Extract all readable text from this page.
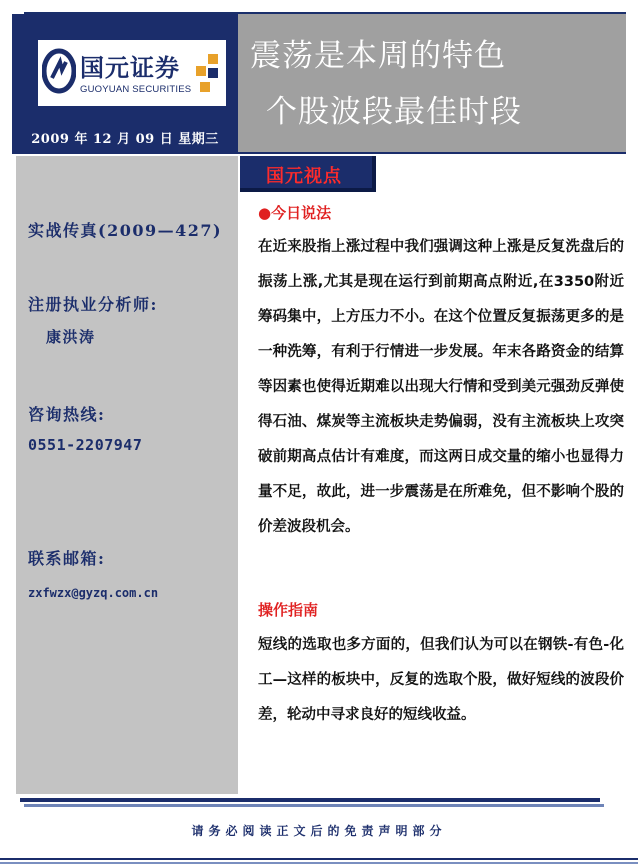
国元证券
GUOYUAN SECURITIES
2009 年 12 月 09 日 星期三
震荡是本周的特色
个股波段最佳时段
实战传真(2009—427)
注册执业分析师:
康洪涛
咨询热线:
0551-2207947
联系邮箱:
zxfwzx@gyzq.com.cn
国元视点
●今日说法
在近来股指上涨过程中我们强调这种上涨是反复洗盘后的振荡上涨,尤其是现在运行到前期高点附近,在3350附近筹码集中，上方压力不小。在这个位置反复振荡更多的是一种洗筹，有利于行情进一步发展。年末各路资金的结算等因素也使得近期难以出现大行情和受到美元强劲反弹使得石油、煤炭等主流板块走势偏弱，没有主流板块上攻突破前期高点估计有难度，而这两日成交量的缩小也显得力量不足，故此，进一步震荡是在所难免，但不影响个股的价差波段机会。
操作指南
短线的选取也多方面的，但我们认为可以在钢铁-有色-化工—这样的板块中，反复的选取个股，做好短线的波段价差，轮动中寻求良好的短线收益。
请务必阅读正文后的免责声明部分
